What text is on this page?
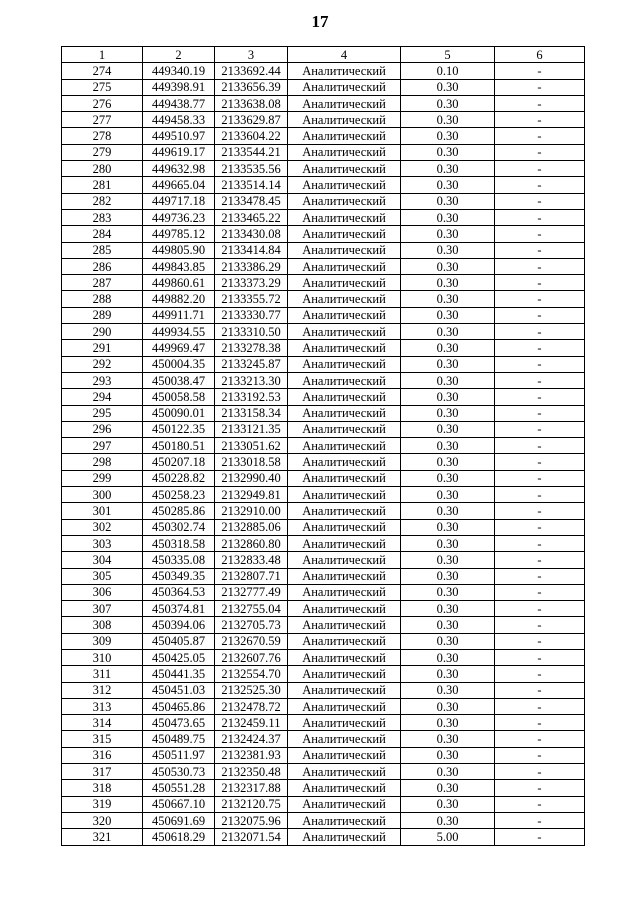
17
1	2	3	4	5	6
274	449340.19	2133692.44	Аналитический	0.10	-
275	449398.91	2133656.39	Аналитический	0.30	-
276	449438.77	2133638.08	Аналитический	0.30	-
277	449458.33	2133629.87	Аналитический	0.30	-
278	449510.97	2133604.22	Аналитический	0.30	-
279	449619.17	2133544.21	Аналитический	0.30	-
280	449632.98	2133535.56	Аналитический	0.30	-
281	449665.04	2133514.14	Аналитический	0.30	-
282	449717.18	2133478.45	Аналитический	0.30	-
283	449736.23	2133465.22	Аналитический	0.30	-
284	449785.12	2133430.08	Аналитический	0.30	-
285	449805.90	2133414.84	Аналитический	0.30	-
286	449843.85	2133386.29	Аналитический	0.30	-
287	449860.61	2133373.29	Аналитический	0.30	-
288	449882.20	2133355.72	Аналитический	0.30	-
289	449911.71	2133330.77	Аналитический	0.30	-
290	449934.55	2133310.50	Аналитический	0.30	-
291	449969.47	2133278.38	Аналитический	0.30	-
292	450004.35	2133245.87	Аналитический	0.30	-
293	450038.47	2133213.30	Аналитический	0.30	-
294	450058.58	2133192.53	Аналитический	0.30	-
295	450090.01	2133158.34	Аналитический	0.30	-
296	450122.35	2133121.35	Аналитический	0.30	-
297	450180.51	2133051.62	Аналитический	0.30	-
298	450207.18	2133018.58	Аналитический	0.30	-
299	450228.82	2132990.40	Аналитический	0.30	-
300	450258.23	2132949.81	Аналитический	0.30	-
301	450285.86	2132910.00	Аналитический	0.30	-
302	450302.74	2132885.06	Аналитический	0.30	-
303	450318.58	2132860.80	Аналитический	0.30	-
304	450335.08	2132833.48	Аналитический	0.30	-
305	450349.35	2132807.71	Аналитический	0.30	-
306	450364.53	2132777.49	Аналитический	0.30	-
307	450374.81	2132755.04	Аналитический	0.30	-
308	450394.06	2132705.73	Аналитический	0.30	-
309	450405.87	2132670.59	Аналитический	0.30	-
310	450425.05	2132607.76	Аналитический	0.30	-
311	450441.35	2132554.70	Аналитический	0.30	-
312	450451.03	2132525.30	Аналитический	0.30	-
313	450465.86	2132478.72	Аналитический	0.30	-
314	450473.65	2132459.11	Аналитический	0.30	-
315	450489.75	2132424.37	Аналитический	0.30	-
316	450511.97	2132381.93	Аналитический	0.30	-
317	450530.73	2132350.48	Аналитический	0.30	-
318	450551.28	2132317.88	Аналитический	0.30	-
319	450667.10	2132120.75	Аналитический	0.30	-
320	450691.69	2132075.96	Аналитический	0.30	-
321	450618.29	2132071.54	Аналитический	5.00	-
